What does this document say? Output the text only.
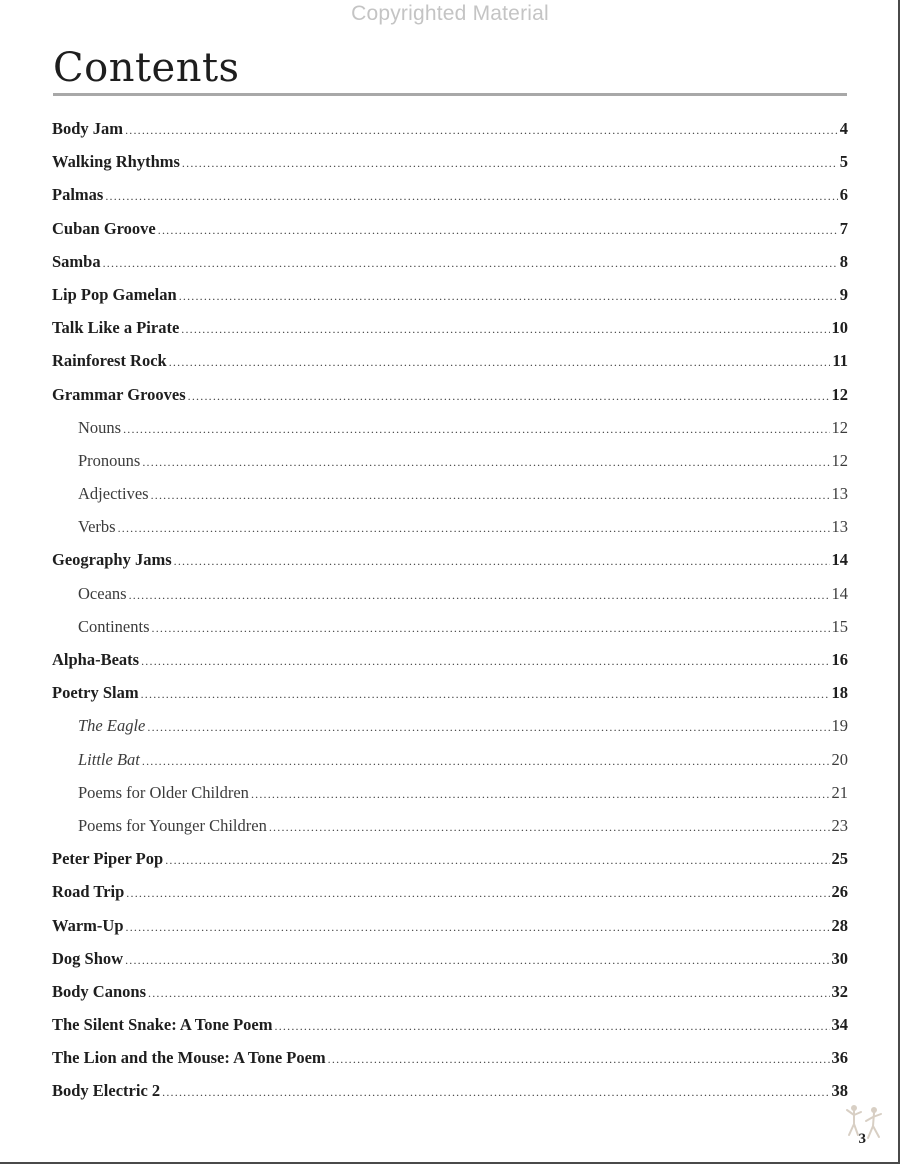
Copyrighted Material
Contents
Body Jam .....	4
Walking Rhythms .....	5
Palmas .....	6
Cuban Groove .....	7
Samba .....	8
Lip Pop Gamelan .....	9
Talk Like a Pirate .....	10
Rainforest Rock .....	11
Grammar Grooves .....	12
Nouns .....	12
Pronouns .....	12
Adjectives .....	13
Verbs .....	13
Geography Jams .....	14
Oceans .....	14
Continents .....	15
Alpha-Beats .....	16
Poetry Slam .....	18
The Eagle .....	19
Little Bat .....	20
Poems for Older Children .....	21
Poems for Younger Children .....	23
Peter Piper Pop .....	25
Road Trip .....	26
Warm-Up .....	28
Dog Show .....	30
Body Canons .....	32
The Silent Snake: A Tone Poem .....	34
The Lion and the Mouse: A Tone Poem .....	36
Body Electric 2 .....	38
3
